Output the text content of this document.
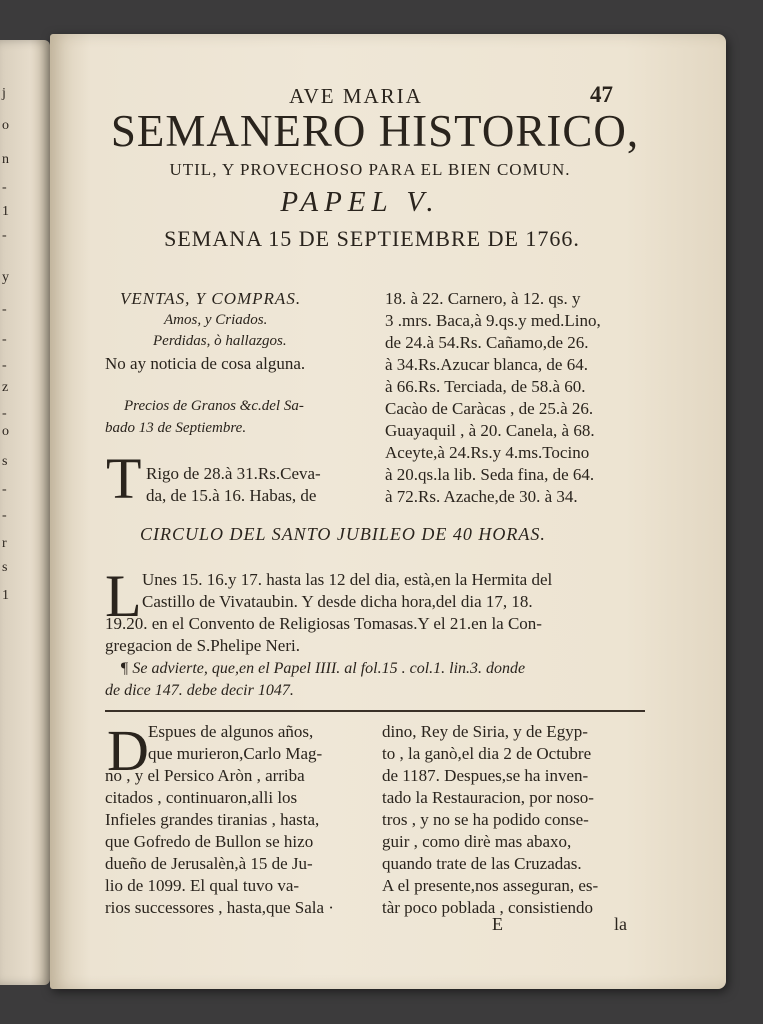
j
o
n
-
1
-
y
-
-
-
z
-
o
s
-
-
r
s
1
AVE MARIA	47
SEMANERO HISTORICO,
UTIL, Y PROVECHOSO PARA EL BIEN COMUN.
PAPEL V.
SEMANA 15 DE SEPTIEMBRE DE 1766.
VENTAS, Y COMPRAS.
Amos, y Criados.
Perdidas, ò hallazgos.
No ay noticia de cosa alguna.
Precios de Granos &c.del Sa-
bado 13 de Septiembre.
T Rigo de 28.à 31.Rs.Ceva-
da, de 15.à 16. Habas, de
18. à 22. Carnero, à 12. qs. y
3 .mrs. Baca,à 9.qs.y med.Lino,
de 24.à 54.Rs. Cañamo,de 26.
à 34.Rs.Azucar blanca, de 64.
à 66.Rs. Terciada, de 58.à 60.
Cacào de Caràcas , de 25.à 26.
Guayaquil , à 20. Canela, à 68.
Aceyte,à 24.Rs.y 4.ms.Tocino
à 20.qs.la lib. Seda fina, de 64.
à 72.Rs. Azache,de 30. à 34.
CIRCULO DEL SANTO JUBILEO DE 40 HORAS.
L Unes 15. 16.y 17. hasta las 12 del dia, està,en la Hermita del
Castillo de Vivataubin. Y desde dicha hora,del dia 17, 18.
19.20. en el Convento de Religiosas Tomasas.Y el 21.en la Con-
gregacion de S.Phelipe Neri.
¶ Se advierte, que,en el Papel IIII. al fol.15 . col.1. lin.3. donde
de dice 147. debe decir 1047.
D Espues de algunos años,
que murieron,Carlo Mag-
no , y el Persico Aròn , arriba
citados , continuaron,alli los
Infieles grandes tiranias , hasta,
que Gofredo de Bullon se hizo
dueño de Jerusalèn,à 15 de Ju-
lio de 1099. El qual tuvo va-
rios successores , hasta,que Sala ·
dino, Rey de Siria, y de Egyp-
to , la ganò,el dia 2 de Octubre
de 1187. Despues,se ha inven-
tado la Restauracion, por noso-
tros , y no se ha podido conse-
guir , como dirè mas abaxo,
quando trate de las Cruzadas.
A el presente,nos asseguran, es-
tàr poco poblada , consistiendo
E	la
